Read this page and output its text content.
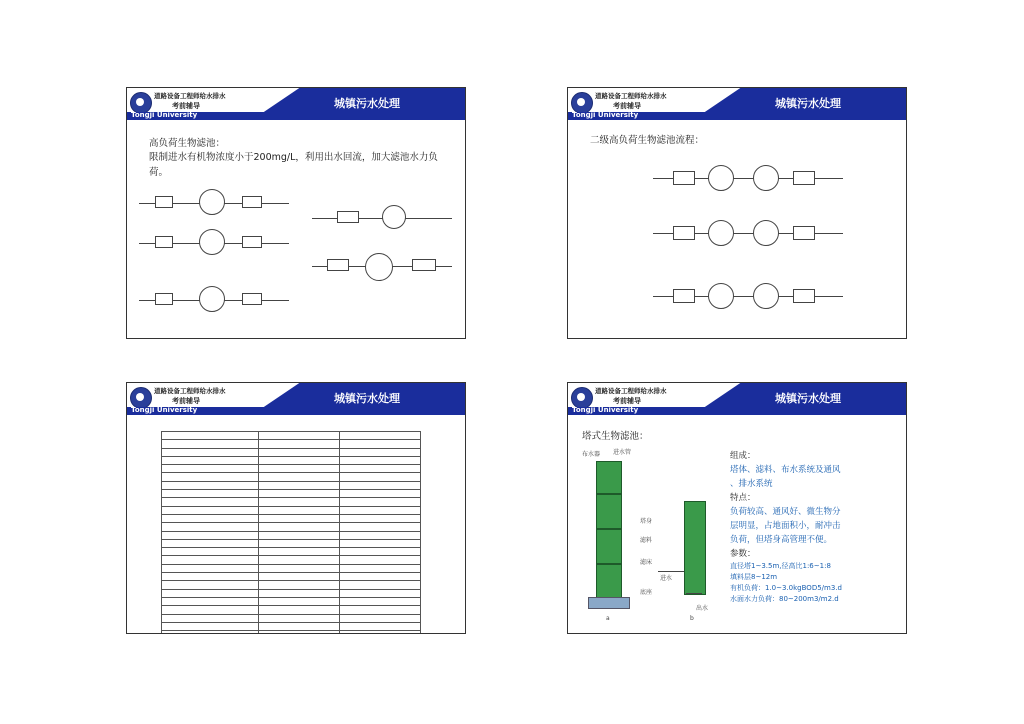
道路设备工程师给水排水
考前辅导
Tongji University
城镇污水处理
高负荷生物滤池：
限制进水有机物浓度小于200mg/L，利用出水回流，加大滤池水力负荷。
道路设备工程师给水排水
考前辅导
Tongji University
城镇污水处理
二级高负荷生物滤池流程：
道路设备工程师给水排水
考前辅导
Tongji University
城镇污水处理

道路设备工程师给水排水
考前辅导
Tongji University
城镇污水处理
塔式生物滤池：
布水器 进水管
塔身
滤料
滤床
底座
a
进水
出水
b
组成：
塔体、滤料、布水系统及通风
、排水系统
特点：
负荷较高、通风好、微生物分
层明显，占地面积小，耐冲击
负荷，但塔身高管理不便。
参数：
直径塔1~3.5m,径高比1:6~1:8
填料层8~12m
有机负荷：1.0~3.0kgBOD5/m3.d
水面水力负荷：80~200m3/m2.d
